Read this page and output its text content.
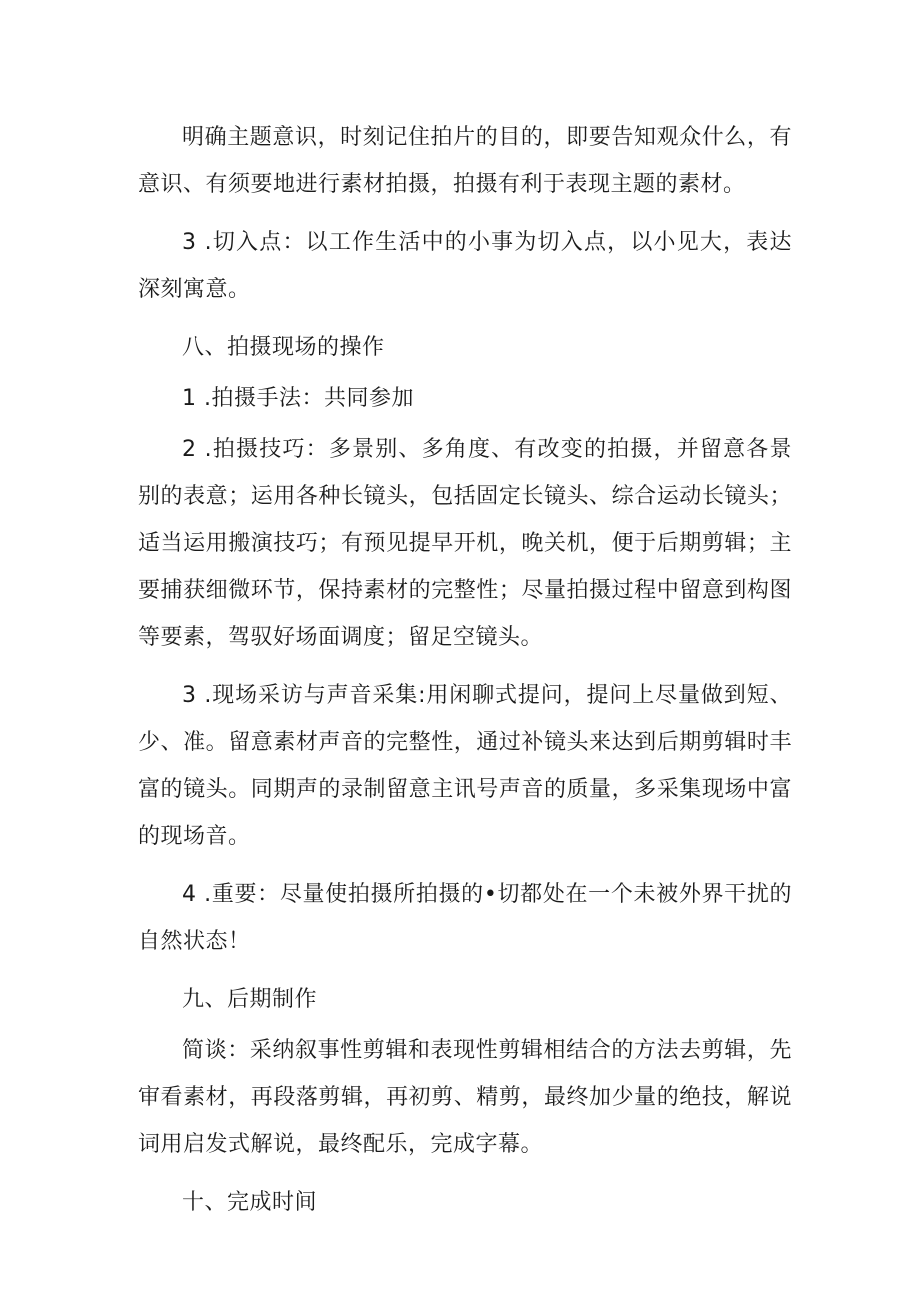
明确主题意识，时刻记住拍片的目的，即要告知观众什么，有意识、有须要地进行素材拍摄，拍摄有利于表现主题的素材。

3 .切入点：以工作生活中的小事为切入点，以小见大，表达深刻寓意。

八、拍摄现场的操作

1 .拍摄手法：共同参加

2 .拍摄技巧：多景别、多角度、有改变的拍摄，并留意各景别的表意；运用各种长镜头，包括固定长镜头、综合运动长镜头；适当运用搬演技巧；有预见提早开机，晚关机，便于后期剪辑；主要捕获细微环节，保持素材的完整性；尽量拍摄过程中留意到构图等要素，驾驭好场面调度；留足空镜头。

3 .现场采访与声音采集:用闲聊式提问，提问上尽量做到短、少、准。留意素材声音的完整性，通过补镜头来达到后期剪辑时丰富的镜头。同期声的录制留意主讯号声音的质量，多采集现场中富的现场音。

4 .重要：尽量使拍摄所拍摄的•切都处在一个未被外界干扰的自然状态！

九、后期制作

简谈：采纳叙事性剪辑和表现性剪辑相结合的方法去剪辑，先审看素材，再段落剪辑，再初剪、精剪，最终加少量的绝技，解说词用启发式解说，最终配乐，完成字幕。

十、完成时间
